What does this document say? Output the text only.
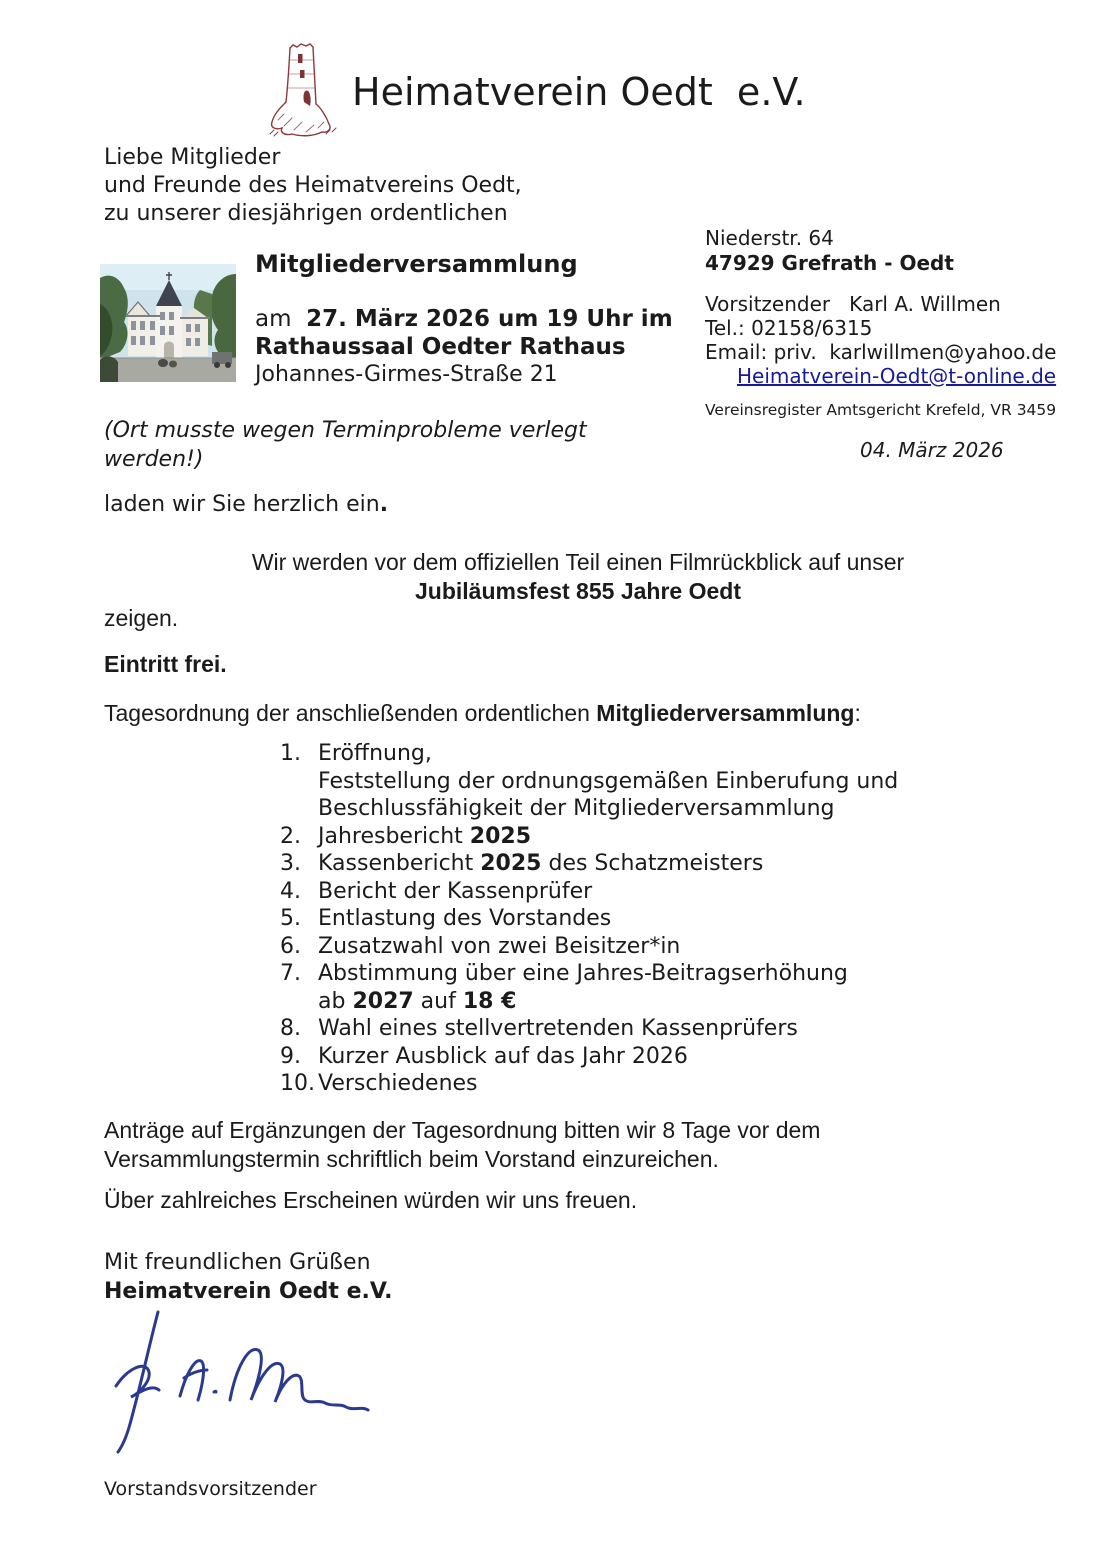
Heimatverein Oedt  e.V.
Liebe Mitglieder
und Freunde des Heimatvereins Oedt,
zu unserer diesjährigen ordentlichen
Niederstr. 64
47929 Grefrath - Oedt
Vorsitzender   Karl A. Willmen
Tel.: 02158/6315
Email: priv.  karlwillmen@yahoo.de
Heimatverein-Oedt@t-online.de
Vereinsregister Amtsgericht Krefeld, VR 3459
04. März 2026
Mitgliederversammlung
am  27. März 2026 um 19 Uhr im
Rathaussaal Oedter Rathaus
Johannes-Girmes-Straße 21
(Ort musste wegen Terminprobleme verlegt
werden!)
laden wir Sie herzlich ein.
Wir werden vor dem offiziellen Teil einen Filmrückblick auf unser
Jubiläumsfest 855 Jahre Oedt
zeigen.
Eintritt frei.
Tagesordnung der anschließenden ordentlichen Mitgliederversammlung:
1. Eröffnung,
Feststellung der ordnungsgemäßen Einberufung und
Beschlussfähigkeit der Mitgliederversammlung
2. Jahresbericht 2025
3. Kassenbericht 2025 des Schatzmeisters
4. Bericht der Kassenprüfer
5. Entlastung des Vorstandes
6. Zusatzwahl von zwei Beisitzer*in
7. Abstimmung über eine Jahres-Beitragserhöhung
ab 2027 auf 18 €
8. Wahl eines stellvertretenden Kassenprüfers
9. Kurzer Ausblick auf das Jahr 2026
10. Verschiedenes
Anträge auf Ergänzungen der Tagesordnung bitten wir 8 Tage vor dem
Versammlungstermin schriftlich beim Vorstand einzureichen.
Über zahlreiches Erscheinen würden wir uns freuen.
Mit freundlichen Grüßen
Heimatverein Oedt e.V.
Vorstandsvorsitzender
